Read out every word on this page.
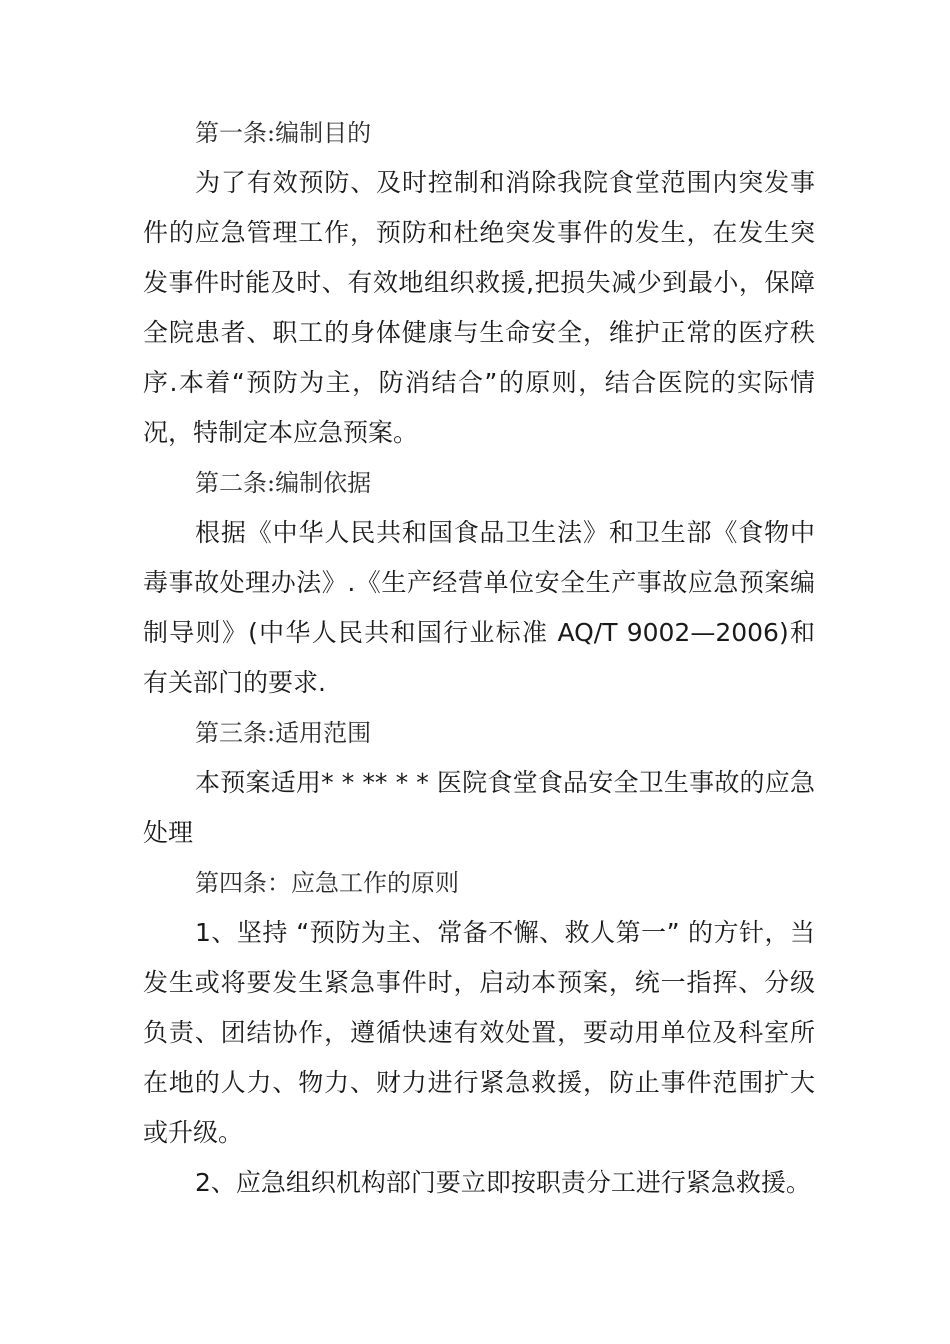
第一条:编制目的

为了有效预防、及时控制和消除我院食堂范围内突发事件的应急管理工作，预防和杜绝突发事件的发生，在发生突发事件时能及时、有效地组织救援,把损失减少到最小，保障全院患者、职工的身体健康与生命安全，维护正常的医疗秩序.本着“预防为主，防消结合”的原则，结合医院的实际情况，特制定本应急预案。

第二条:编制依据

根据《中华人民共和国食品卫生法》和卫生部《食物中毒事故处理办法》.《生产经营单位安全生产事故应急预案编制导则》(中华人民共和国行业标准 AQ/T 9002—2006)和有关部门的要求.

第三条:适用范围

本预案适用* * ** * * 医院食堂食品安全卫生事故的应急处理

第四条：应急工作的原则

1、坚持 “预防为主、常备不懈、救人第一” 的方针，当发生或将要发生紧急事件时，启动本预案，统一指挥、分级负责、团结协作，遵循快速有效处置，要动用单位及科室所在地的人力、物力、财力进行紧急救援，防止事件范围扩大或升级。

2、应急组织机构部门要立即按职责分工进行紧急救援。
